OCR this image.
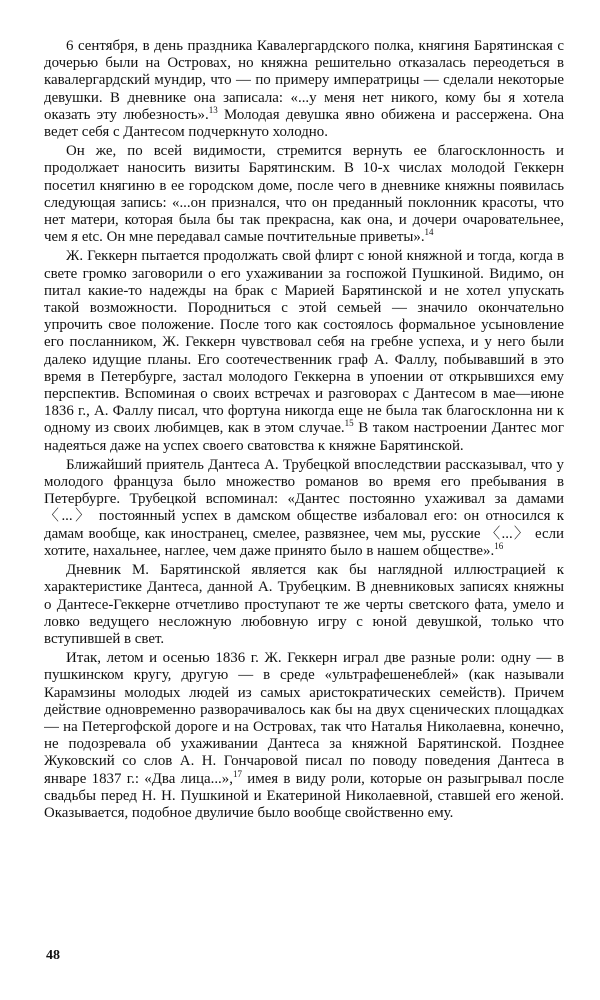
6 сентября, в день праздника Кавалергардского полка, княгиня Барятинская с дочерью были на Островах, но княжна решительно отказалась переодеться в кавалергардский мундир, что — по примеру императрицы — сделали некоторые девушки. В дневнике она записала: «...у меня нет никого, кому бы я хотела оказать эту любезность».$^{13}$ Молодая девушка явно обижена и рассержена. Она ведет себя с Дантесом подчеркнуто холодно.

Он же, по всей видимости, стремится вернуть ее благосклонность и продолжает наносить визиты Барятинским. В 10-х числах молодой Геккерн посетил княгиню в ее городском доме, после чего в дневнике княжны появилась следующая запись: «...он признался, что он преданный поклонник красоты, что нет матери, которая была бы так прекрасна, как она, и дочери очаровательнее, чем я etc. Он мне передавал самые почтительные приветы».$^{14}$

Ж. Геккерн пытается продолжать свой флирт с юной княжной и тогда, когда в свете громко заговорили о его ухаживании за госпожой Пушкиной. Видимо, он питал какие-то надежды на брак с Марией Барятинской и не хотел упускать такой возможности. Породниться с этой семьей — значило окончательно упрочить свое положение. После того как состоялось формальное усыновление его посланником, Ж. Геккерн чувствовал себя на гребне успеха, и у него были далеко идущие планы. Его соотечественник граф А. Фаллу, побывавший в это время в Петербурге, застал молодого Геккерна в упоении от открывшихся ему перспектив. Вспоминая о своих встречах и разговорах с Дантесом в мае—июне 1836 г., А. Фаллу писал, что фортуна никогда еще не была так благосклонна ни к одному из своих любимцев, как в этом случае.$^{15}$ В таком настроении Дантес мог надеяться даже на успех своего сватовства к княжне Барятинской.

Ближайший приятель Дантеса А. Трубецкой впоследствии рассказывал, что у молодого француза было множество романов во время его пребывания в Петербурге. Трубецкой вспоминал: «Дантес постоянно ухаживал за дамами 〈...〉 постоянный успех в дамском обществе избаловал его: он относился к дамам вообще, как иностранец, смелее, развязнее, чем мы, русские 〈...〉 если хотите, нахальнее, наглее, чем даже принято было в нашем обществе».$^{16}$

Дневник М. Барятинской является как бы наглядной иллюстрацией к характеристике Дантеса, данной А. Трубецким. В дневниковых записях княжны о Дантесе-Геккерне отчетливо проступают те же черты светского фата, умело и ловко ведущего несложную любовную игру с юной девушкой, только что вступившей в свет.

Итак, летом и осенью 1836 г. Ж. Геккерн играл две разные роли: одну — в пушкинском кругу, другую — в среде «ультрафешенеблей» (как называли Карамзины молодых людей из самых аристократических семейств). Причем действие одновременно разворачивалось как бы на двух сценических площадках — на Петергофской дороге и на Островах, так что Наталья Николаевна, конечно, не подозревала об ухаживании Дантеса за княжной Барятинской. Позднее Жуковский со слов А. Н. Гончаровой писал по поводу поведения Дантеса в январе 1837 г.: «Два лица...»,$^{17}$ имея в виду роли, которые он разыгрывал после свадьбы перед Н. Н. Пушкиной и Екатериной Николаевной, ставшей его женой. Оказывается, подобное двуличие было вообще свойственно ему.

48
